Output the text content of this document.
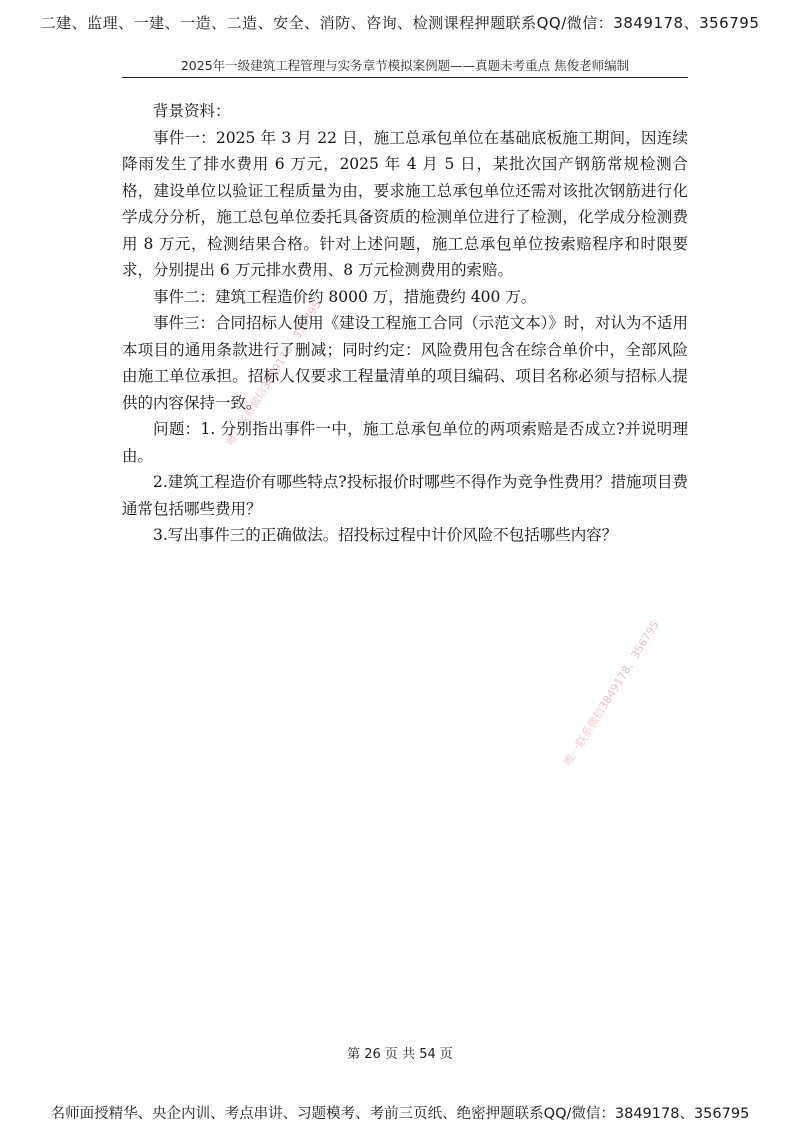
二建、监理、一建、一造、二造、安全、消防、咨询、检测课程押题联系QQ/微信：3849178、356795
2025年一级建筑工程管理与实务章节模拟案例题——真题未考重点 焦俊老师编制
唯一联系微信3849178、356795
唯一联系微信3849178、356795

背景资料：

事件一：2025 年 3 月 22 日，施工总承包单位在基础底板施工期间，因连续降雨发生了排水费用 6 万元，2025 年 4 月 5 日，某批次国产钢筋常规检测合格，建设单位以验证工程质量为由，要求施工总承包单位还需对该批次钢筋进行化学成分分析，施工总包单位委托具备资质的检测单位进行了检测，化学成分检测费用 8 万元，检测结果合格。针对上述问题，施工总承包单位按索赔程序和时限要求，分别提出 6 万元排水费用、8 万元检测费用的索赔。

事件二：建筑工程造价约 8000 万，措施费约 400 万。

事件三：合同招标人使用《建设工程施工合同（示范文本）》时，对认为不适用本项目的通用条款进行了删减；同时约定：风险费用包含在综合单价中，全部风险由施工单位承担。招标人仅要求工程量清单的项目编码、项目名称必须与招标人提供的内容保持一致。

问题：1. 分别指出事件一中，施工总承包单位的两项索赔是否成立?并说明理由。

2.建筑工程造价有哪些特点?投标报价时哪些不得作为竞争性费用？措施项目费通常包括哪些费用？

3.写出事件三的正确做法。招投标过程中计价风险不包括哪些内容？

第 26 页 共 54 页
名师面授精华、央企内训、考点串讲、习题模考、考前三页纸、绝密押题联系QQ/微信：3849178、356795
